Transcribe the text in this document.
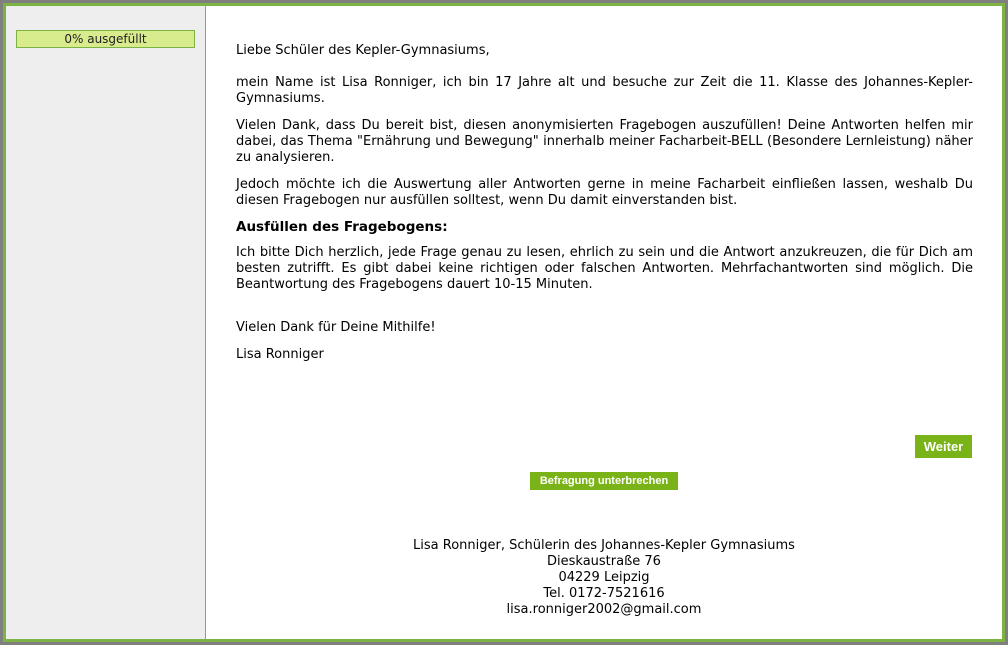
0% ausgefüllt

Liebe Schüler des Kepler-Gymnasiums,

mein Name ist Lisa Ronniger, ich bin 17 Jahre alt und besuche zur Zeit die 11. Klasse des Johannes-Kepler-Gymnasiums.

Vielen Dank, dass Du bereit bist, diesen anonymisierten Fragebogen auszufüllen! Deine Antworten helfen mir dabei, das Thema "Ernährung und Bewegung" innerhalb meiner Facharbeit-BELL (Besondere Lernleistung) näher zu analysieren.

Jedoch möchte ich die Auswertung aller Antworten gerne in meine Facharbeit einfließen lassen, weshalb Du diesen Fragebogen nur ausfüllen solltest, wenn Du damit einverstanden bist.

Ausfüllen des Fragebogens:

Ich bitte Dich herzlich, jede Frage genau zu lesen, ehrlich zu sein und die Antwort anzukreuzen, die für Dich am besten zutrifft. Es gibt dabei keine richtigen oder falschen Antworten. Mehrfachantworten sind möglich. Die Beantwortung des Fragebogens dauert 10-15 Minuten.

Vielen Dank für Deine Mithilfe!

Lisa Ronniger

Weiter
Befragung unterbrechen
Lisa Ronniger, Schülerin des Johannes-Kepler Gymnasiums
Dieskaustraße 76
04229 Leipzig
Tel. 0172-7521616
lisa.ronniger2002@gmail.com
